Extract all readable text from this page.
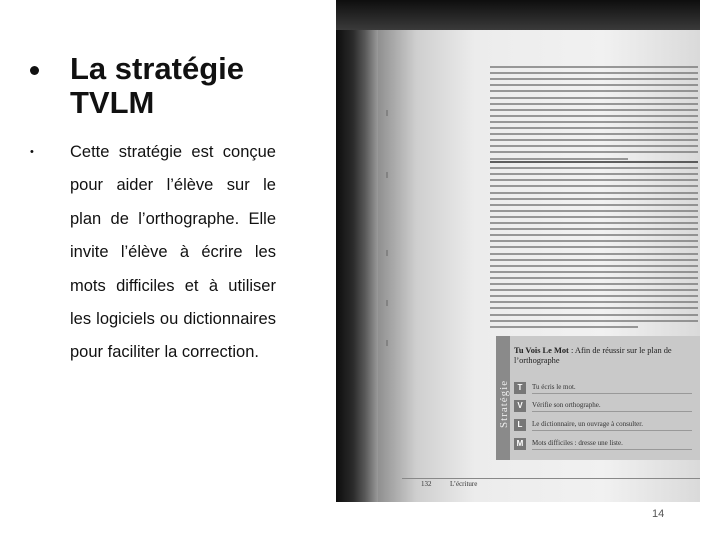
La stratégie TVLM
• Cette stratégie est conçue pour aider l’élève sur le plan de l’orthographe. Elle invite l’élève à écrire les mots difficiles et à utiliser les logiciels ou dictionnaires pour faciliter la correction.
Stratégie
Tu Vois Le Mot : Afin de réussir sur le plan de l’orthographe
T	Tu écris le mot.
V	Vérifie son orthographe.
L	Le dictionnaire, un ouvrage à consulter.
M	Mots difficiles : dresse une liste.
132	L’écriture
14
